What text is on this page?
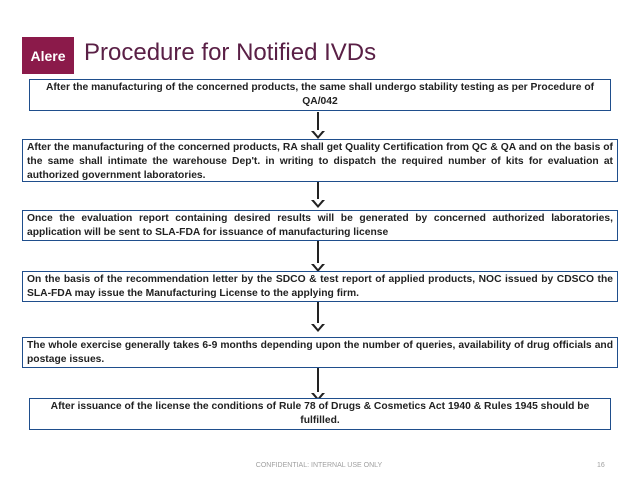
Alere Procedure for Notified IVDs
After the manufacturing of the concerned products, the same shall undergo stability testing as per Procedure of QA/042
After the manufacturing of the concerned products, RA shall get Quality Certification from QC & QA and on the basis of the same shall intimate the warehouse Dep't. in writing to dispatch the required number of kits for evaluation at authorized government laboratories.
Once the evaluation report containing desired results will be generated by concerned authorized laboratories, application will be sent to SLA-FDA for issuance of manufacturing license
On the basis of the recommendation letter by the SDCO & test report of applied products, NOC issued by CDSCO the SLA-FDA may issue the Manufacturing License to the applying firm.
The whole exercise generally takes 6-9 months depending upon the number of queries, availability of drug officials and postage issues.
After issuance of the license the conditions of Rule 78 of Drugs & Cosmetics Act 1940 & Rules 1945 should be fulfilled.
CONFIDENTIAL: INTERNAL USE ONLY	16
